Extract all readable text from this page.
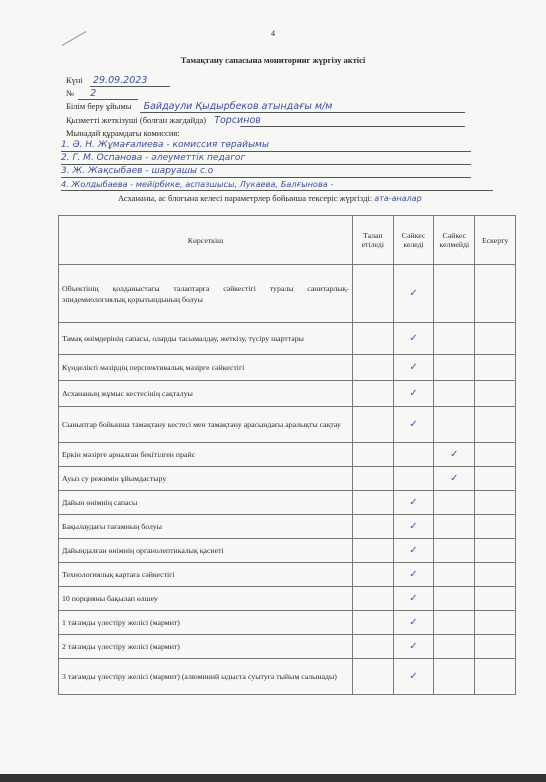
4
Тамақтану сапасына мониторинг жүргізу актісі
Күні 29.09.2023
№ 2
Білім беру ұйымы Байдаули Қыдырбеков атындағы м/м
Қызметті жеткізуші (болған жағдайда) Торсинов
Мынадай құрамдағы комиссия:
1. Ә. Н. Жұмағалиева - комиссия төрайымы
2. Г. М. Оспанова - әлеуметтік педагог
3. Ж. Жақсыбаев - шаруашы с.о
4. Жолдыбаева - мейірбике, аспазшысы, Лукаева, Балғынова -
Асхананы, ас блогына келесі параметрлер бойынша тексеріс жүргізді: ата-аналар
Көрсеткіш	Талап етіледі	Сәйкес келеді	Сәйкес келмейді	Ескерту
Объектінің қолданыстағы талаптарға сәйкестігі туралы санитарлық-эпидемиологиялық қорытындының болуы		✓		
Тамақ өнімдерінің сапасы, оларды тасымалдау, жеткізу, түсіру шарттары		✓		
Күнделікті мәзірдің перспективалық мәзірге сәйкестігі		✓		
Асхананың жұмыс кестесінің сақталуы		✓		
Сыныптар бойынша тамақтану кестесі мен тамақтану арасындағы аралықты сақтау		✓		
Еркін мәзірге арналған бекітілген прайс			✓	
Ауыз су режимін ұйымдастыру			✓	
Дайын өнімнің сапасы		✓		
Бақылаудағы тағамның болуы		✓		
Дайындалған өнімнің органолептикалық қасиеті		✓		
Технологиялық картаға сәйкестігі		✓		
10 порцияны бақылап өлшеу		✓		
1 тағамды үлестіру желісі (мармит)		✓		
2 тағамды үлестіру желісі (мармит)		✓		
3 тағамды үлестіру желісі (мармит) (алюминий ыдыста суытуға тыйым салынады)		✓		
